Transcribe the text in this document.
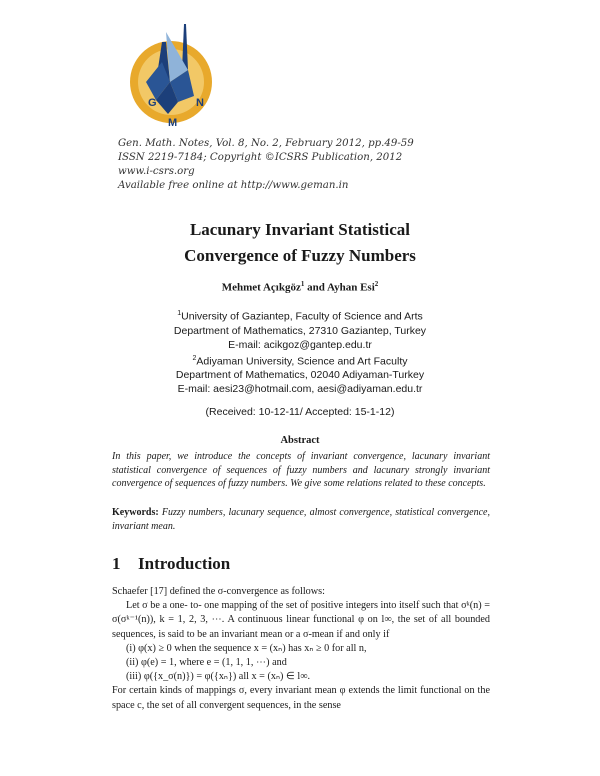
G
M
N
Gen. Math. Notes, Vol. 8, No. 2, February 2012, pp.49-59
ISSN 2219-7184; Copyright ©ICSRS Publication, 2012
www.i-csrs.org
Available free online at http://www.geman.in
Lacunary Invariant Statistical
Convergence of Fuzzy Numbers
Mehmet Açıkgöz$^1$ and Ayhan Esi$^2$
$^1$University of Gaziantep, Faculty of Science and Arts
Department of Mathematics, 27310 Gaziantep, Turkey
E-mail: acikgoz@gantep.edu.tr
$^2$Adiyaman University, Science and Art Faculty
Department of Mathematics, 02040 Adiyaman-Turkey
E-mail: aesi23@hotmail.com, aesi@adiyaman.edu.tr
(Received: 10-12-11/ Accepted: 15-1-12)
Abstract
In this paper, we introduce the concepts of invariant convergence, lacunary invariant statistical convergence of sequences of fuzzy numbers and lacunary strongly invariant convergence of sequences of fuzzy numbers. We give some relations related to these concepts.
Keywords: Fuzzy numbers, lacunary sequence, almost convergence, statistical convergence, invariant mean.
1 Introduction

Schaefer [17] defined the σ-convergence as follows:

Let σ be a one- to- one mapping of the set of positive integers into itself such that σᵏ(n) = σ(σᵏ⁻¹(n)), k = 1, 2, 3, ⋯. A continuous linear functional φ on l∞, the set of all bounded sequences, is said to be an invariant mean or a σ-mean if and only if

(i) φ(x) ≥ 0 when the sequence x = (xₙ) has xₙ ≥ 0 for all n,

(ii) φ(e) = 1, where e = (1, 1, 1, ⋯) and

(iii) φ({x_σ(n)}) = φ({xₙ}) all x = (xₙ) ∈ l∞.

For certain kinds of mappings σ, every invariant mean φ extends the limit functional on the space c, the set of all convergent sequences, in the sense
